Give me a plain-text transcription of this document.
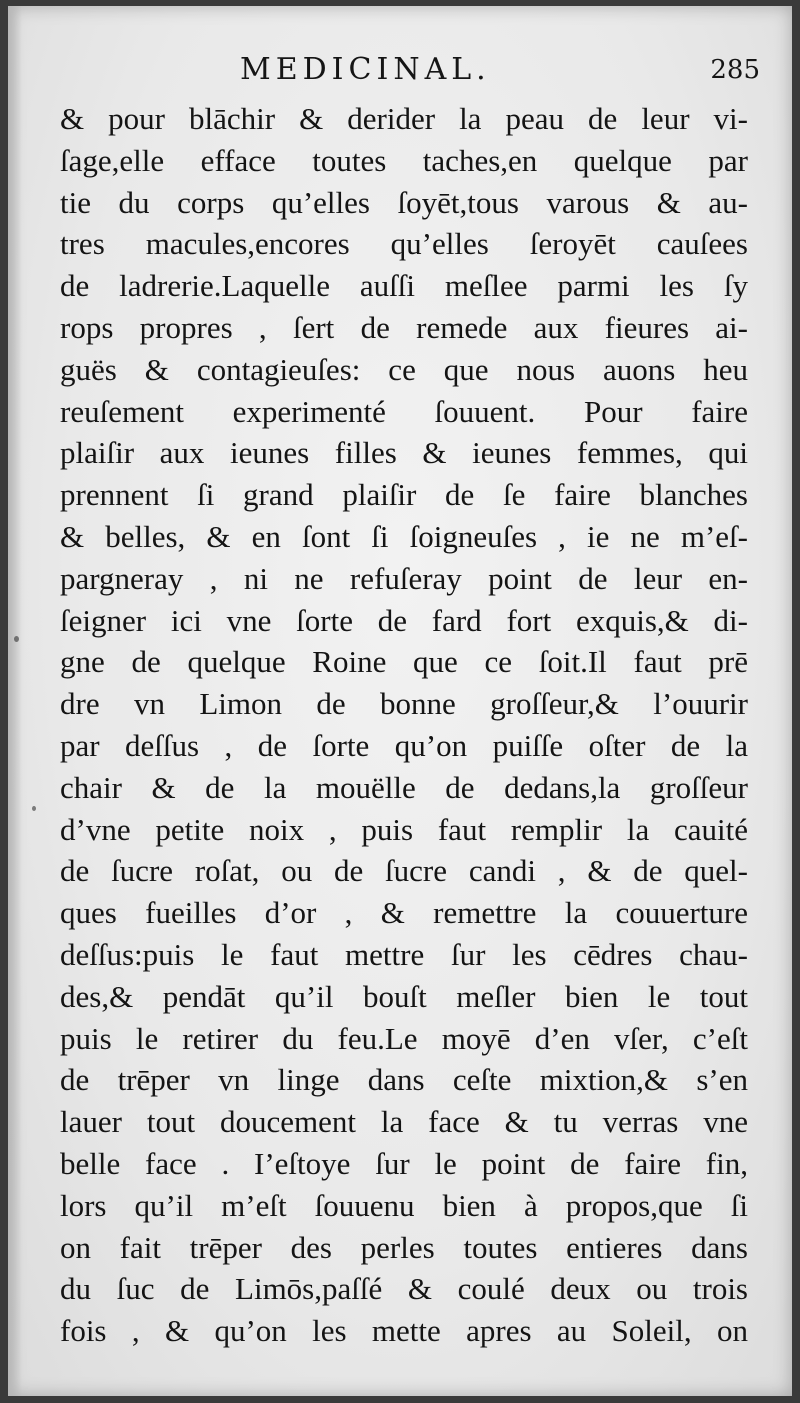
MEDICINAL.	285
& pour blāchir & derider la peau de leur vi-
ſage,elle efface toutes taches,en quelque par
tie du corps qu’elles ſoyēt,tous varous & au-
tres macules,encores qu’elles ſeroyēt cauſees
de ladrerie.Laquelle auſſi meſlee parmi les ſy
rops propres , ſert de remede aux fieures ai-
guës & contagieuſes: ce que nous auons heu
reuſement experimenté ſouuent. Pour faire
plaiſir aux ieunes filles & ieunes femmes, qui
prennent ſi grand plaiſir de ſe faire blanches
& belles, & en ſont ſi ſoigneuſes , ie ne m’eſ-
pargneray , ni ne refuſeray point de leur en-
ſeigner ici vne ſorte de fard fort exquis,& di-
gne de quelque Roine que ce ſoit.Il faut prē
dre vn Limon de bonne groſſeur,& l’ouurir
par deſſus , de ſorte qu’on puiſſe oſter de la
chair & de la mouëlle de dedans,la groſſeur
d’vne petite noix , puis faut remplir la cauité
de ſucre roſat, ou de ſucre candi , & de quel-
ques fueilles d’or , & remettre la couuerture
deſſus:puis le faut mettre ſur les cēdres chau-
des,& pendāt qu’il bouſt meſler bien le tout
puis le retirer du feu.Le moyē d’en vſer, c’eſt
de trēper vn linge dans ceſte mixtion,& s’en
lauer tout doucement la face & tu verras vne
belle face . I’eſtoye ſur le point de faire fin,
lors qu’il m’eſt ſouuenu bien à propos,que ſi
on fait trēper des perles toutes entieres dans
du ſuc de Limōs,paſſé & coulé deux ou trois
fois , & qu’on les mette apres au Soleil, on
